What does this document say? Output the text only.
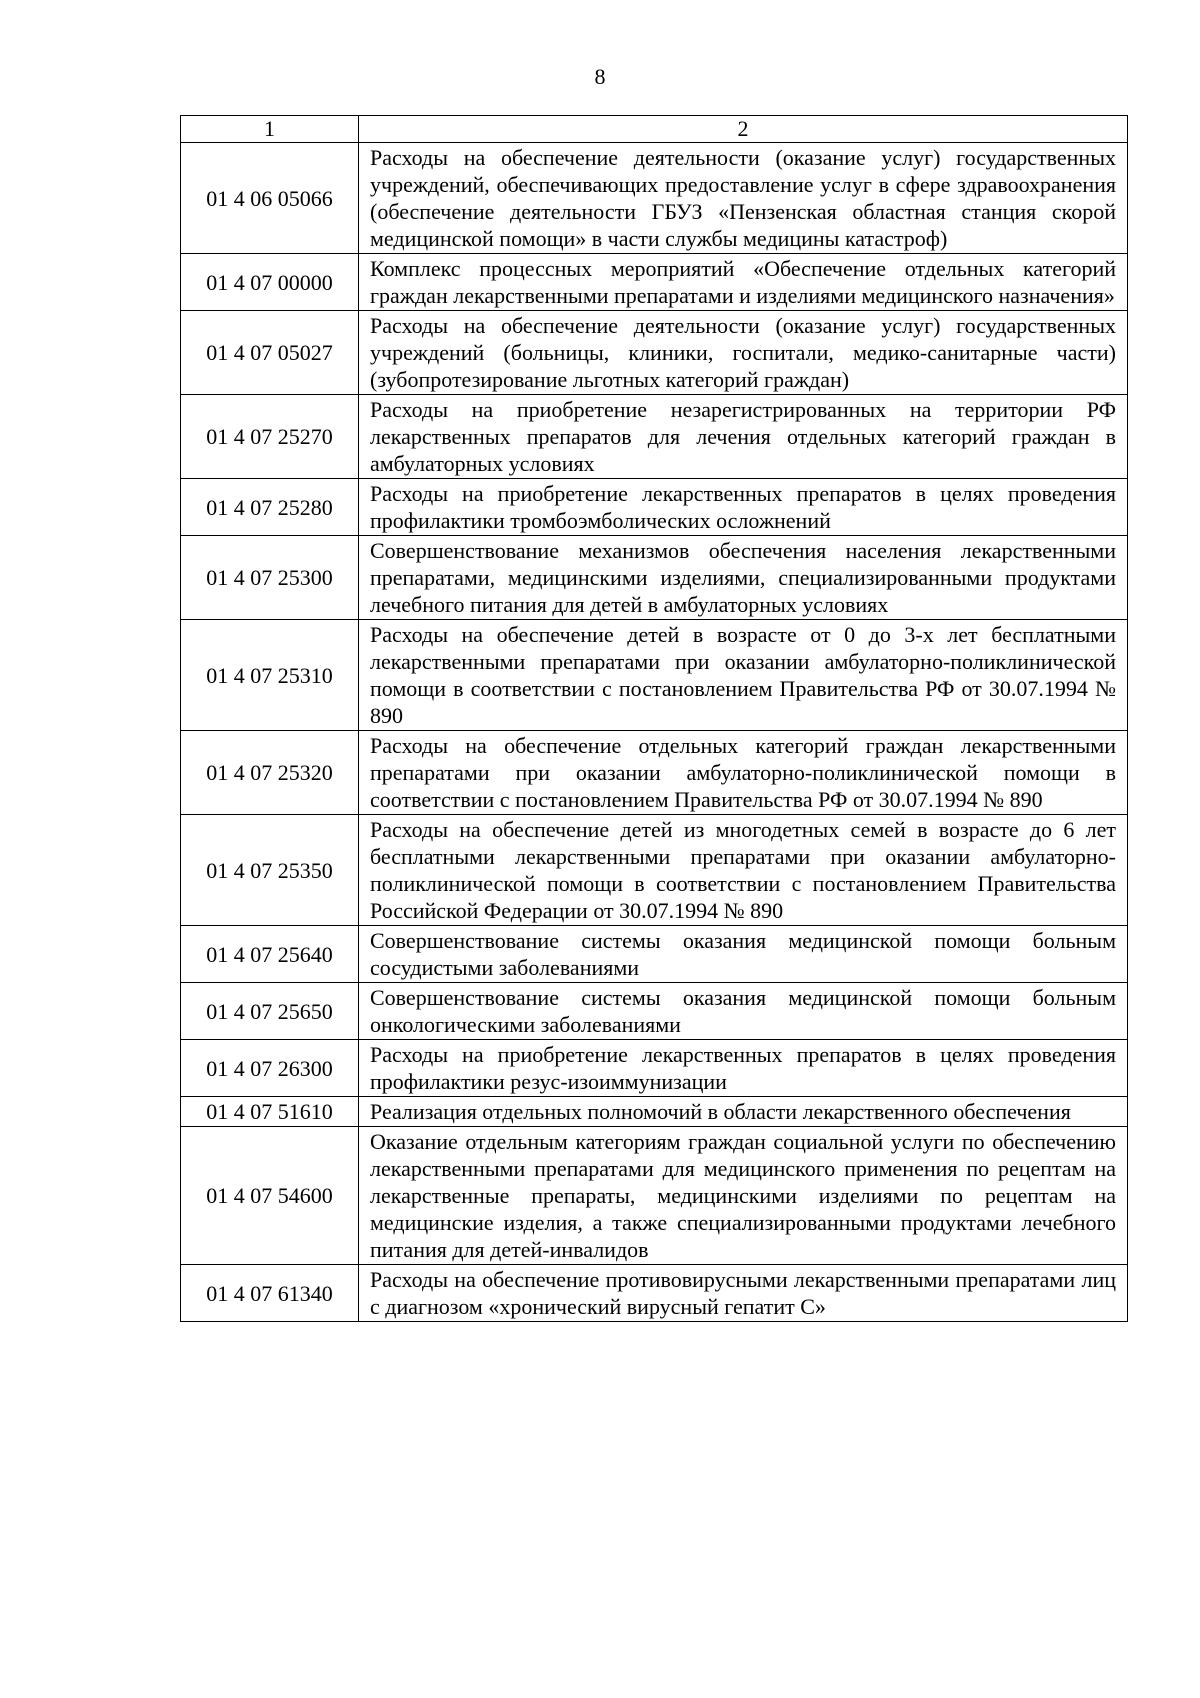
8
1	2
01 4 06 05066	Расходы на обеспечение деятельности (оказание услуг) государственных учреждений, обеспечивающих предоставление услуг в сфере здравоохранения (обеспечение деятельности ГБУЗ «Пензенская областная станция скорой медицинской помощи» в части службы медицины катастроф)
01 4 07 00000	Комплекс процессных мероприятий «Обеспечение отдельных категорий граждан лекарственными препаратами и изделиями медицинского назначения»
01 4 07 05027	Расходы на обеспечение деятельности (оказание услуг) государственных учреждений (больницы, клиники, госпитали, медико-санитарные части) (зубопротезирование льготных категорий граждан)
01 4 07 25270	Расходы на приобретение незарегистрированных на территории РФ лекарственных препаратов для лечения отдельных категорий граждан в амбулаторных условиях
01 4 07 25280	Расходы на приобретение лекарственных препаратов в целях проведения профилактики тромбоэмболических осложнений
01 4 07 25300	Совершенствование механизмов обеспечения населения лекарственными препаратами, медицинскими изделиями, специализированными продуктами лечебного питания для детей в амбулаторных условиях
01 4 07 25310	Расходы на обеспечение детей в возрасте от 0 до 3-х лет бесплатными лекарственными препаратами при оказании амбулаторно-поликлинической помощи в соответствии с постановлением Правительства РФ от 30.07.1994 № 890
01 4 07 25320	Расходы на обеспечение отдельных категорий граждан лекарственными препаратами при оказании амбулаторно-поликлинической помощи в соответствии с постановлением Правительства РФ от 30.07.1994 № 890
01 4 07 25350	Расходы на обеспечение детей из многодетных семей в возрасте до 6 лет бесплатными лекарственными препаратами при оказании амбулаторно-поликлинической помощи в соответствии с постановлением Правительства Российской Федерации от 30.07.1994 № 890
01 4 07 25640	Совершенствование системы оказания медицинской помощи больным сосудистыми заболеваниями
01 4 07 25650	Совершенствование системы оказания медицинской помощи больным онкологическими заболеваниями
01 4 07 26300	Расходы на приобретение лекарственных препаратов в целях проведения профилактики резус-изоиммунизации
01 4 07 51610	Реализация отдельных полномочий в области лекарственного обеспечения
01 4 07 54600	Оказание отдельным категориям граждан социальной услуги по обеспечению лекарственными препаратами для медицинского применения по рецептам на лекарственные препараты, медицинскими изделиями по рецептам на медицинские изделия, а также специализированными продуктами лечебного питания для детей-инвалидов
01 4 07 61340	Расходы на обеспечение противовирусными лекарственными препаратами лиц с диагнозом «хронический вирусный гепатит С»
